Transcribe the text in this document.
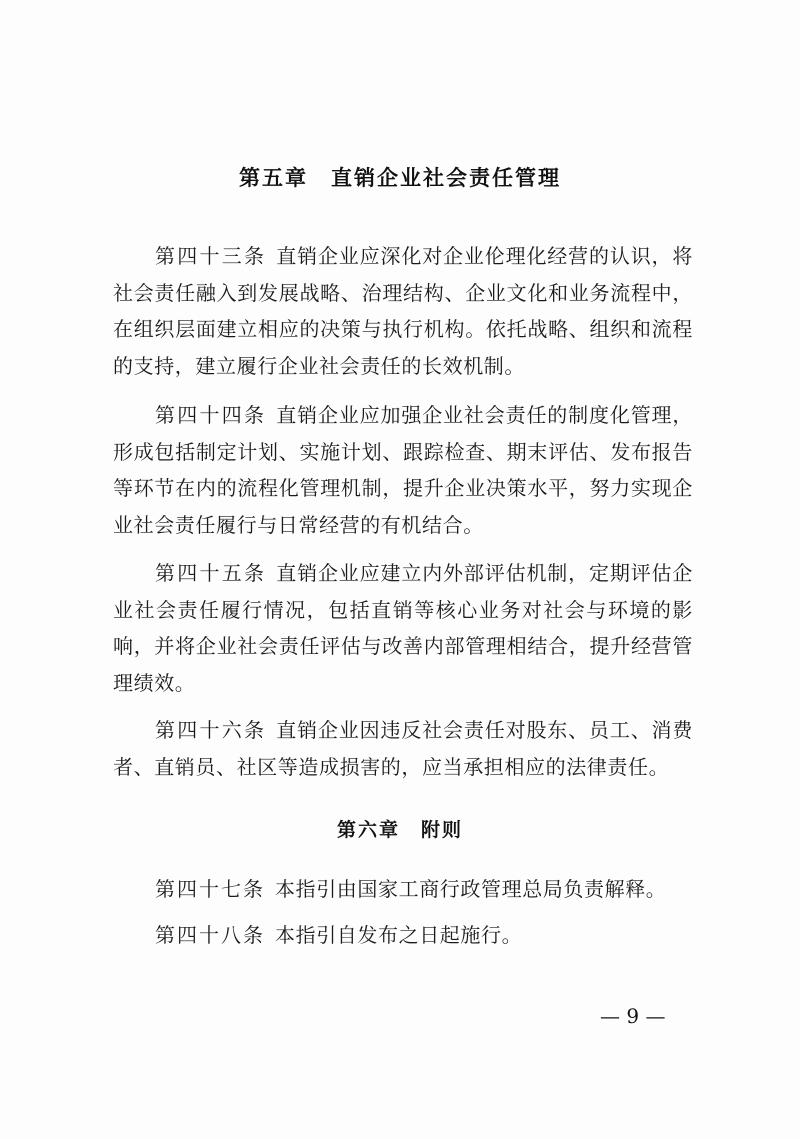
第五章　直销企业社会责任管理

第四十三条 直销企业应深化对企业伦理化经营的认识，将社会责任融入到发展战略、治理结构、企业文化和业务流程中，在组织层面建立相应的决策与执行机构。依托战略、组织和流程的支持，建立履行企业社会责任的长效机制。

第四十四条 直销企业应加强企业社会责任的制度化管理，形成包括制定计划、实施计划、跟踪检查、期末评估、发布报告等环节在内的流程化管理机制，提升企业决策水平，努力实现企业社会责任履行与日常经营的有机结合。

第四十五条 直销企业应建立内外部评估机制，定期评估企业社会责任履行情况，包括直销等核心业务对社会与环境的影响，并将企业社会责任评估与改善内部管理相结合，提升经营管理绩效。

第四十六条 直销企业因违反社会责任对股东、员工、消费者、直销员、社区等造成损害的，应当承担相应的法律责任。

第六章　附则

第四十七条 本指引由国家工商行政管理总局负责解释。

第四十八条 本指引自发布之日起施行。

— 9 —
